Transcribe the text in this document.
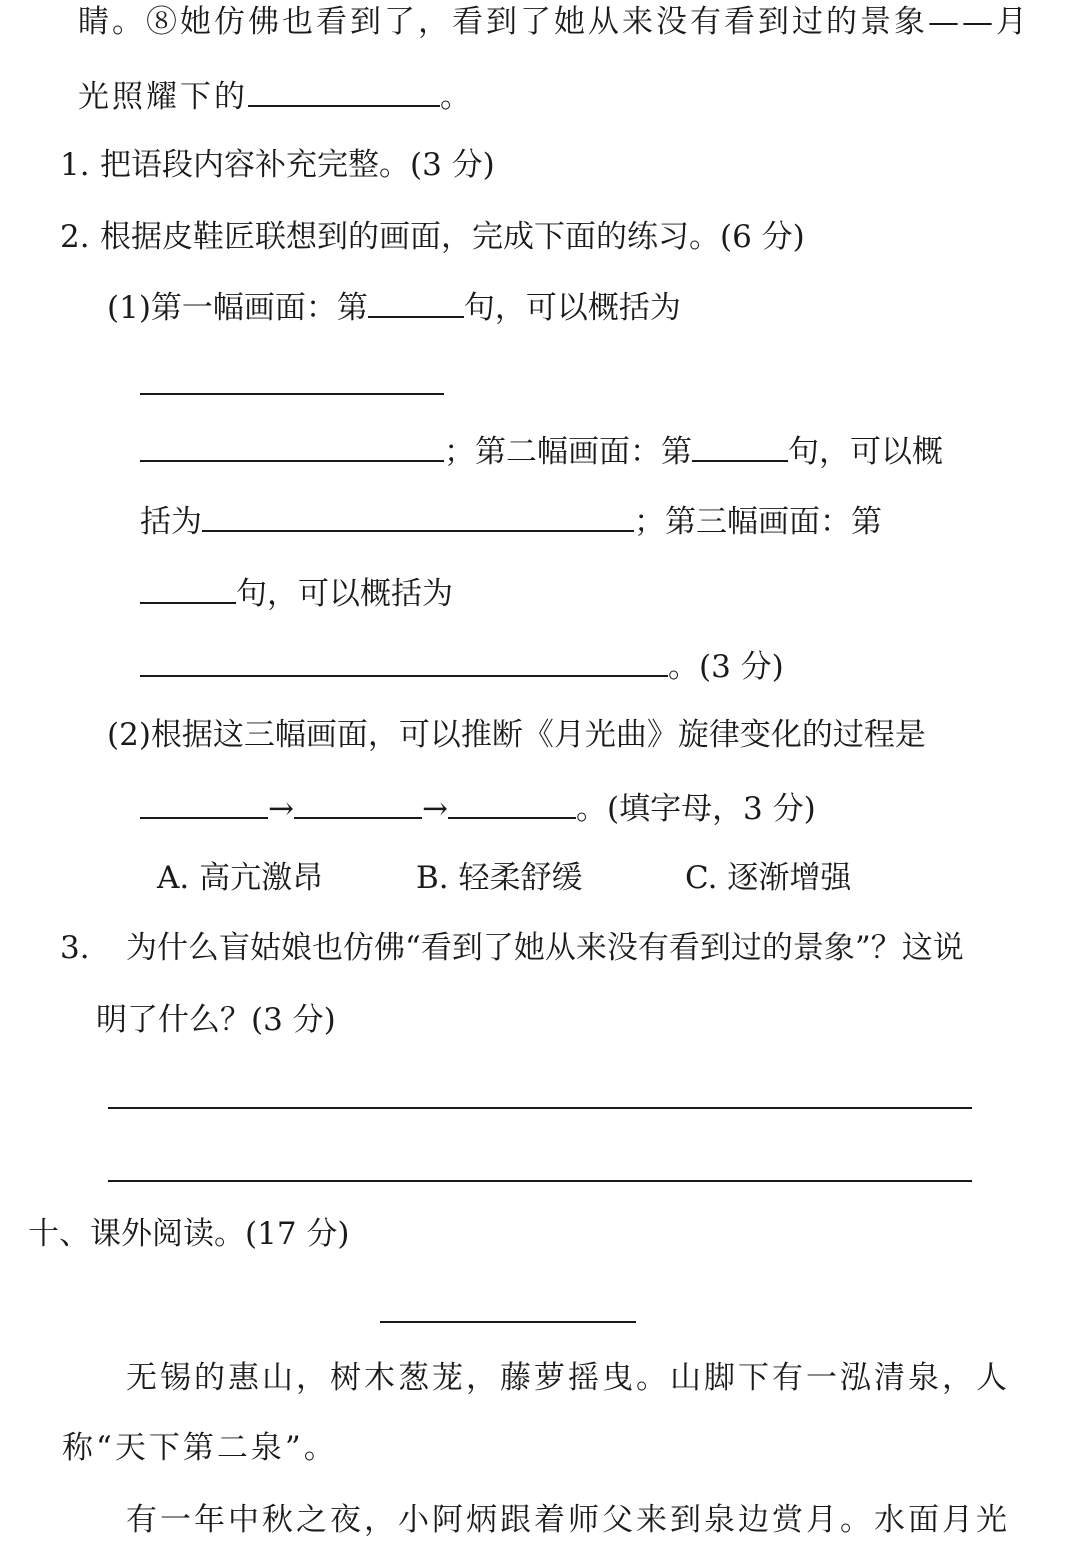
睛。⑧她仿佛也看到了，看到了她从来没有看到过的景象——月
光照耀下的	。
1. 把语段内容补充完整。(3 分)
2. 根据皮鞋匠联想到的画面，完成下面的练习。(6 分)
(1)第一幅画面：第	句，可以概括为
；第二幅画面：第	句，可以概
括为	；第三幅画面：第
句，可以概括为
。(3 分)
(2)根据这三幅画面，可以推断《月光曲》旋律变化的过程是
→	→	。(填字母，3 分)
A. 高亢激昂	B. 轻柔舒缓	C. 逐渐增强
3. 为什么盲姑娘也仿佛“看到了她从来没有看到过的景象”？这说
明了什么？(3 分)
十、课外阅读。(17 分)
无锡的惠山，树木葱茏，藤萝摇曳。山脚下有一泓清泉，人
称“天下第二泉”。
有一年中秋之夜，小阿炳跟着师父来到泉边赏月。水面月光
